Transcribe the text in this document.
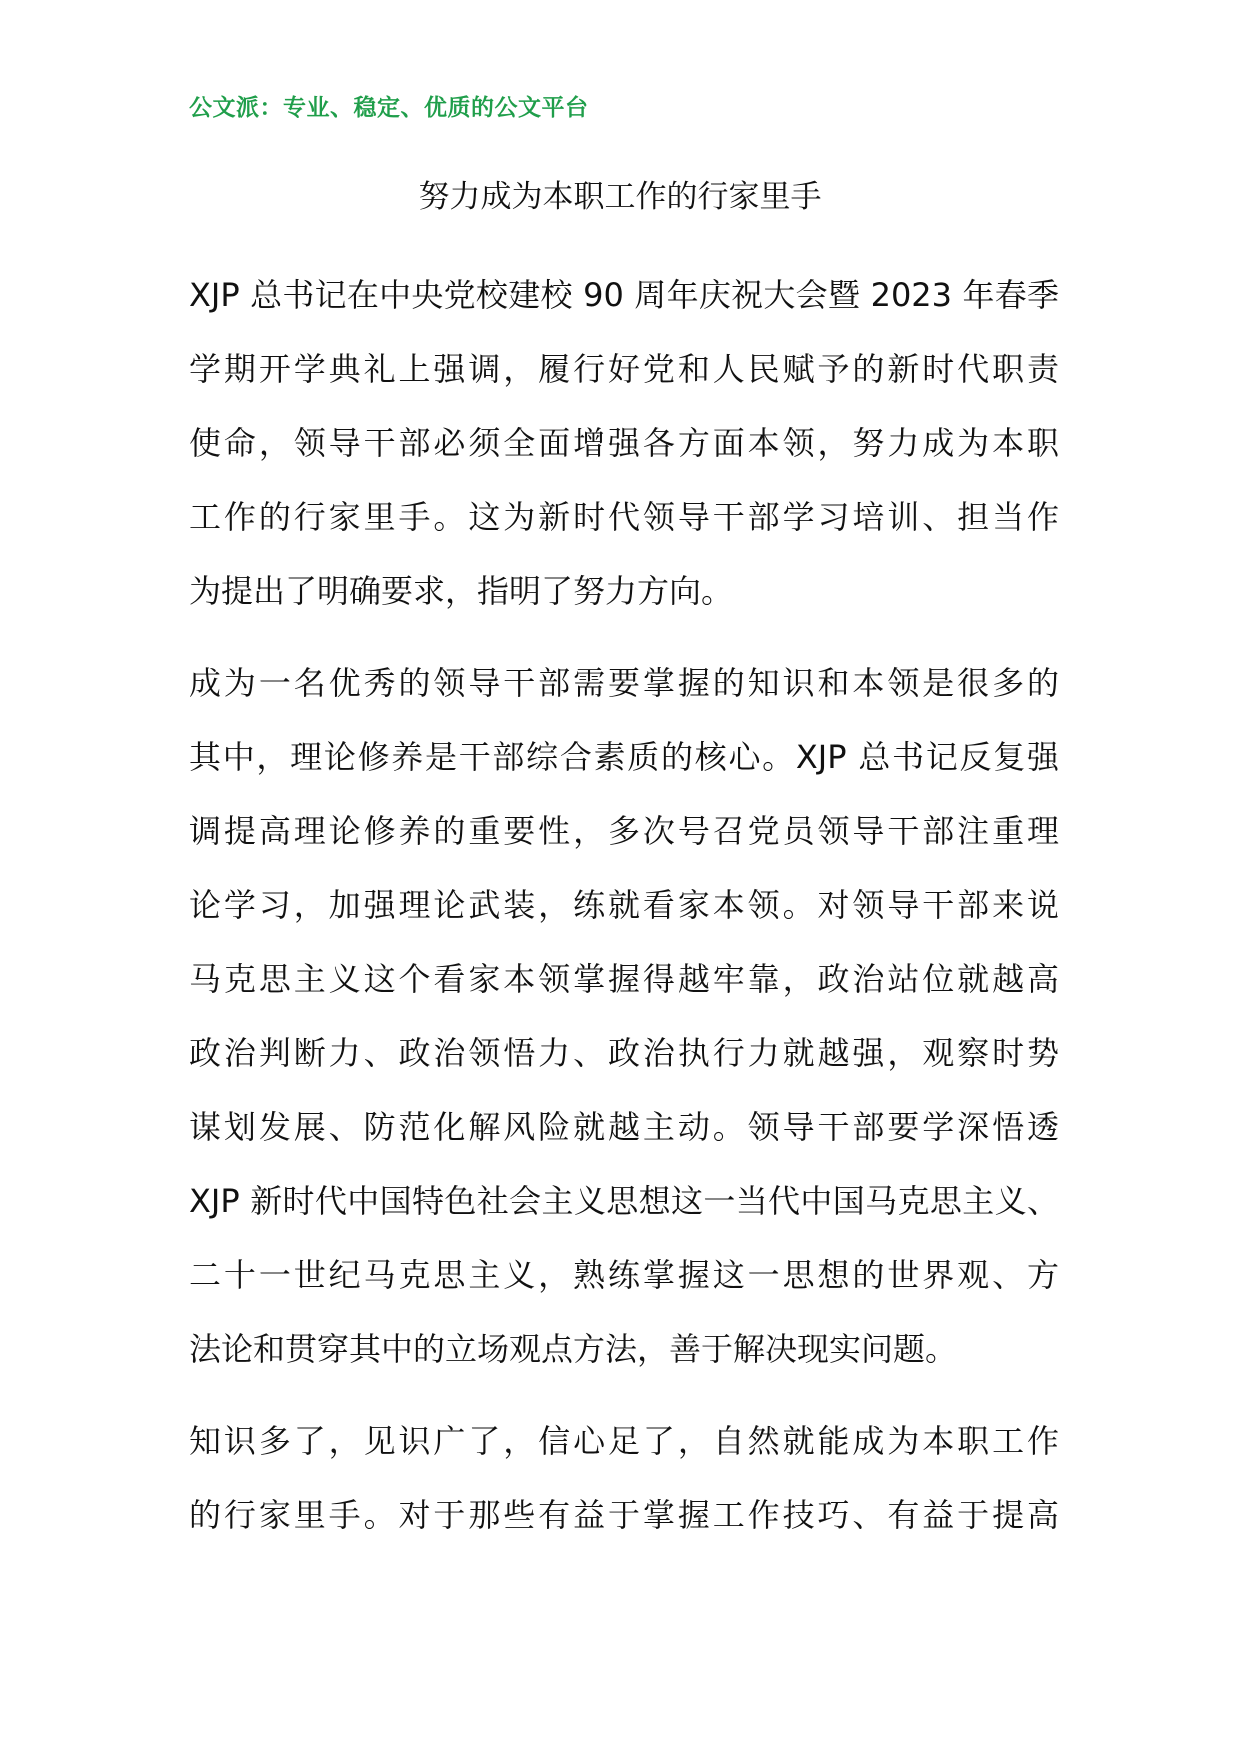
公文派：专业、稳定、优质的公文平台
努力成为本职工作的行家里手
XJP 总书记在中央党校建校 90 周年庆祝大会暨 2023 年春季
学期开学典礼上强调，履行好党和人民赋予的新时代职责
使命，领导干部必须全面增强各方面本领，努力成为本职
工作的行家里手。这为新时代领导干部学习培训、担当作
为提出了明确要求，指明了努力方向。
成为一名优秀的领导干部需要掌握的知识和本领是很多的
其中，理论修养是干部综合素质的核心。XJP 总书记反复强
调提高理论修养的重要性，多次号召党员领导干部注重理
论学习，加强理论武装，练就看家本领。对领导干部来说
马克思主义这个看家本领掌握得越牢靠，政治站位就越高
政治判断力、政治领悟力、政治执行力就越强，观察时势
谋划发展、防范化解风险就越主动。领导干部要学深悟透
XJP 新时代中国特色社会主义思想这一当代中国马克思主义、
二十一世纪马克思主义，熟练掌握这一思想的世界观、方
法论和贯穿其中的立场观点方法，善于解决现实问题。
知识多了，见识广了，信心足了，自然就能成为本职工作
的行家里手。对于那些有益于掌握工作技巧、有益于提高
